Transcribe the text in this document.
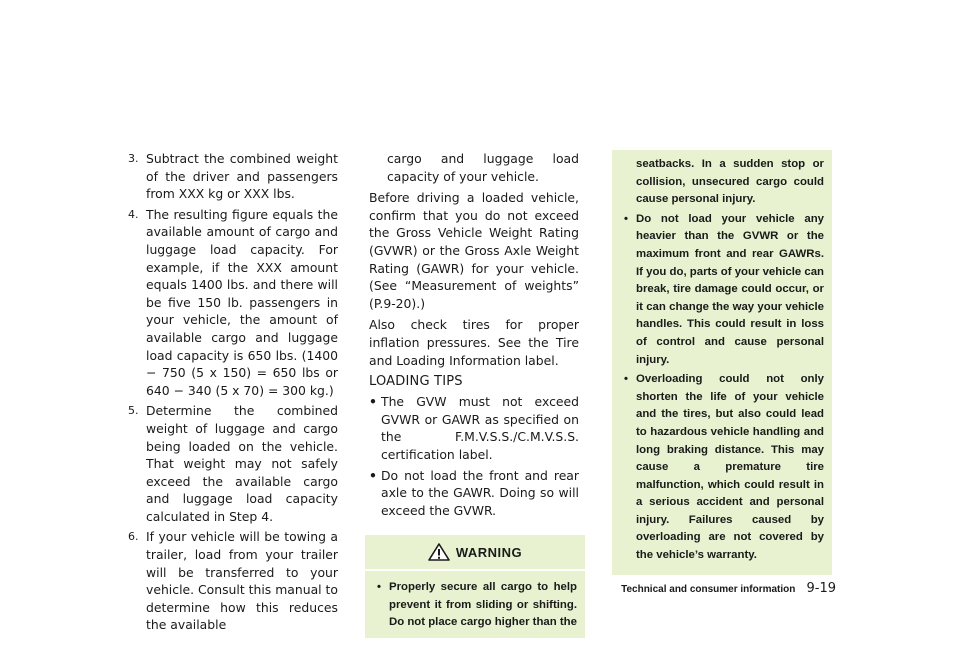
3. Subtract the combined weight of the driver and passengers from XXX kg or XXX lbs.
4. The resulting figure equals the available amount of cargo and luggage load capacity. For example, if the XXX amount equals 1400 lbs. and there will be five 150 lb. passengers in your vehicle, the amount of available cargo and luggage load capacity is 650 lbs. (1400 − 750 (5 x 150) = 650 lbs or 640 − 340 (5 x 70) = 300 kg.)
5. Determine the combined weight of luggage and cargo being loaded on the vehicle. That weight may not safely exceed the available cargo and luggage load capacity calculated in Step 4.
6. If your vehicle will be towing a trailer, load from your trailer will be transferred to your vehicle. Consult this manual to determine how this reduces the available

cargo and luggage load capacity of your vehicle.

Before driving a loaded vehicle, confirm that you do not exceed the Gross Vehicle Weight Rating (GVWR) or the Gross Axle Weight Rating (GAWR) for your vehicle. (See “Measurement of weights” (P.9-20).)

Also check tires for proper inflation pressures. See the Tire and Loading Information label.

LOADING TIPS
• The GVW must not exceed GVWR or GAWR as specified on the F.M.V.S.S./C.M.V.S.S. certification label.
• Do not load the front and rear axle to the GAWR. Doing so will exceed the GVWR.
WARNING
• Properly secure all cargo to help prevent it from sliding or shifting. Do not place cargo higher than the
seatbacks. In a sudden stop or collision, unsecured cargo could cause personal injury.
• Do not load your vehicle any heavier than the GVWR or the maximum front and rear GAWRs. If you do, parts of your vehicle can break, tire damage could occur, or it can change the way your vehicle handles. This could result in loss of control and cause personal injury.
• Overloading could not only shorten the life of your vehicle and the tires, but also could lead to hazardous vehicle handling and long braking distance. This may cause a premature tire malfunction, which could result in a serious accident and personal injury. Failures caused by overloading are not covered by the vehicle’s warranty.
Technical and consumer information 9-19
